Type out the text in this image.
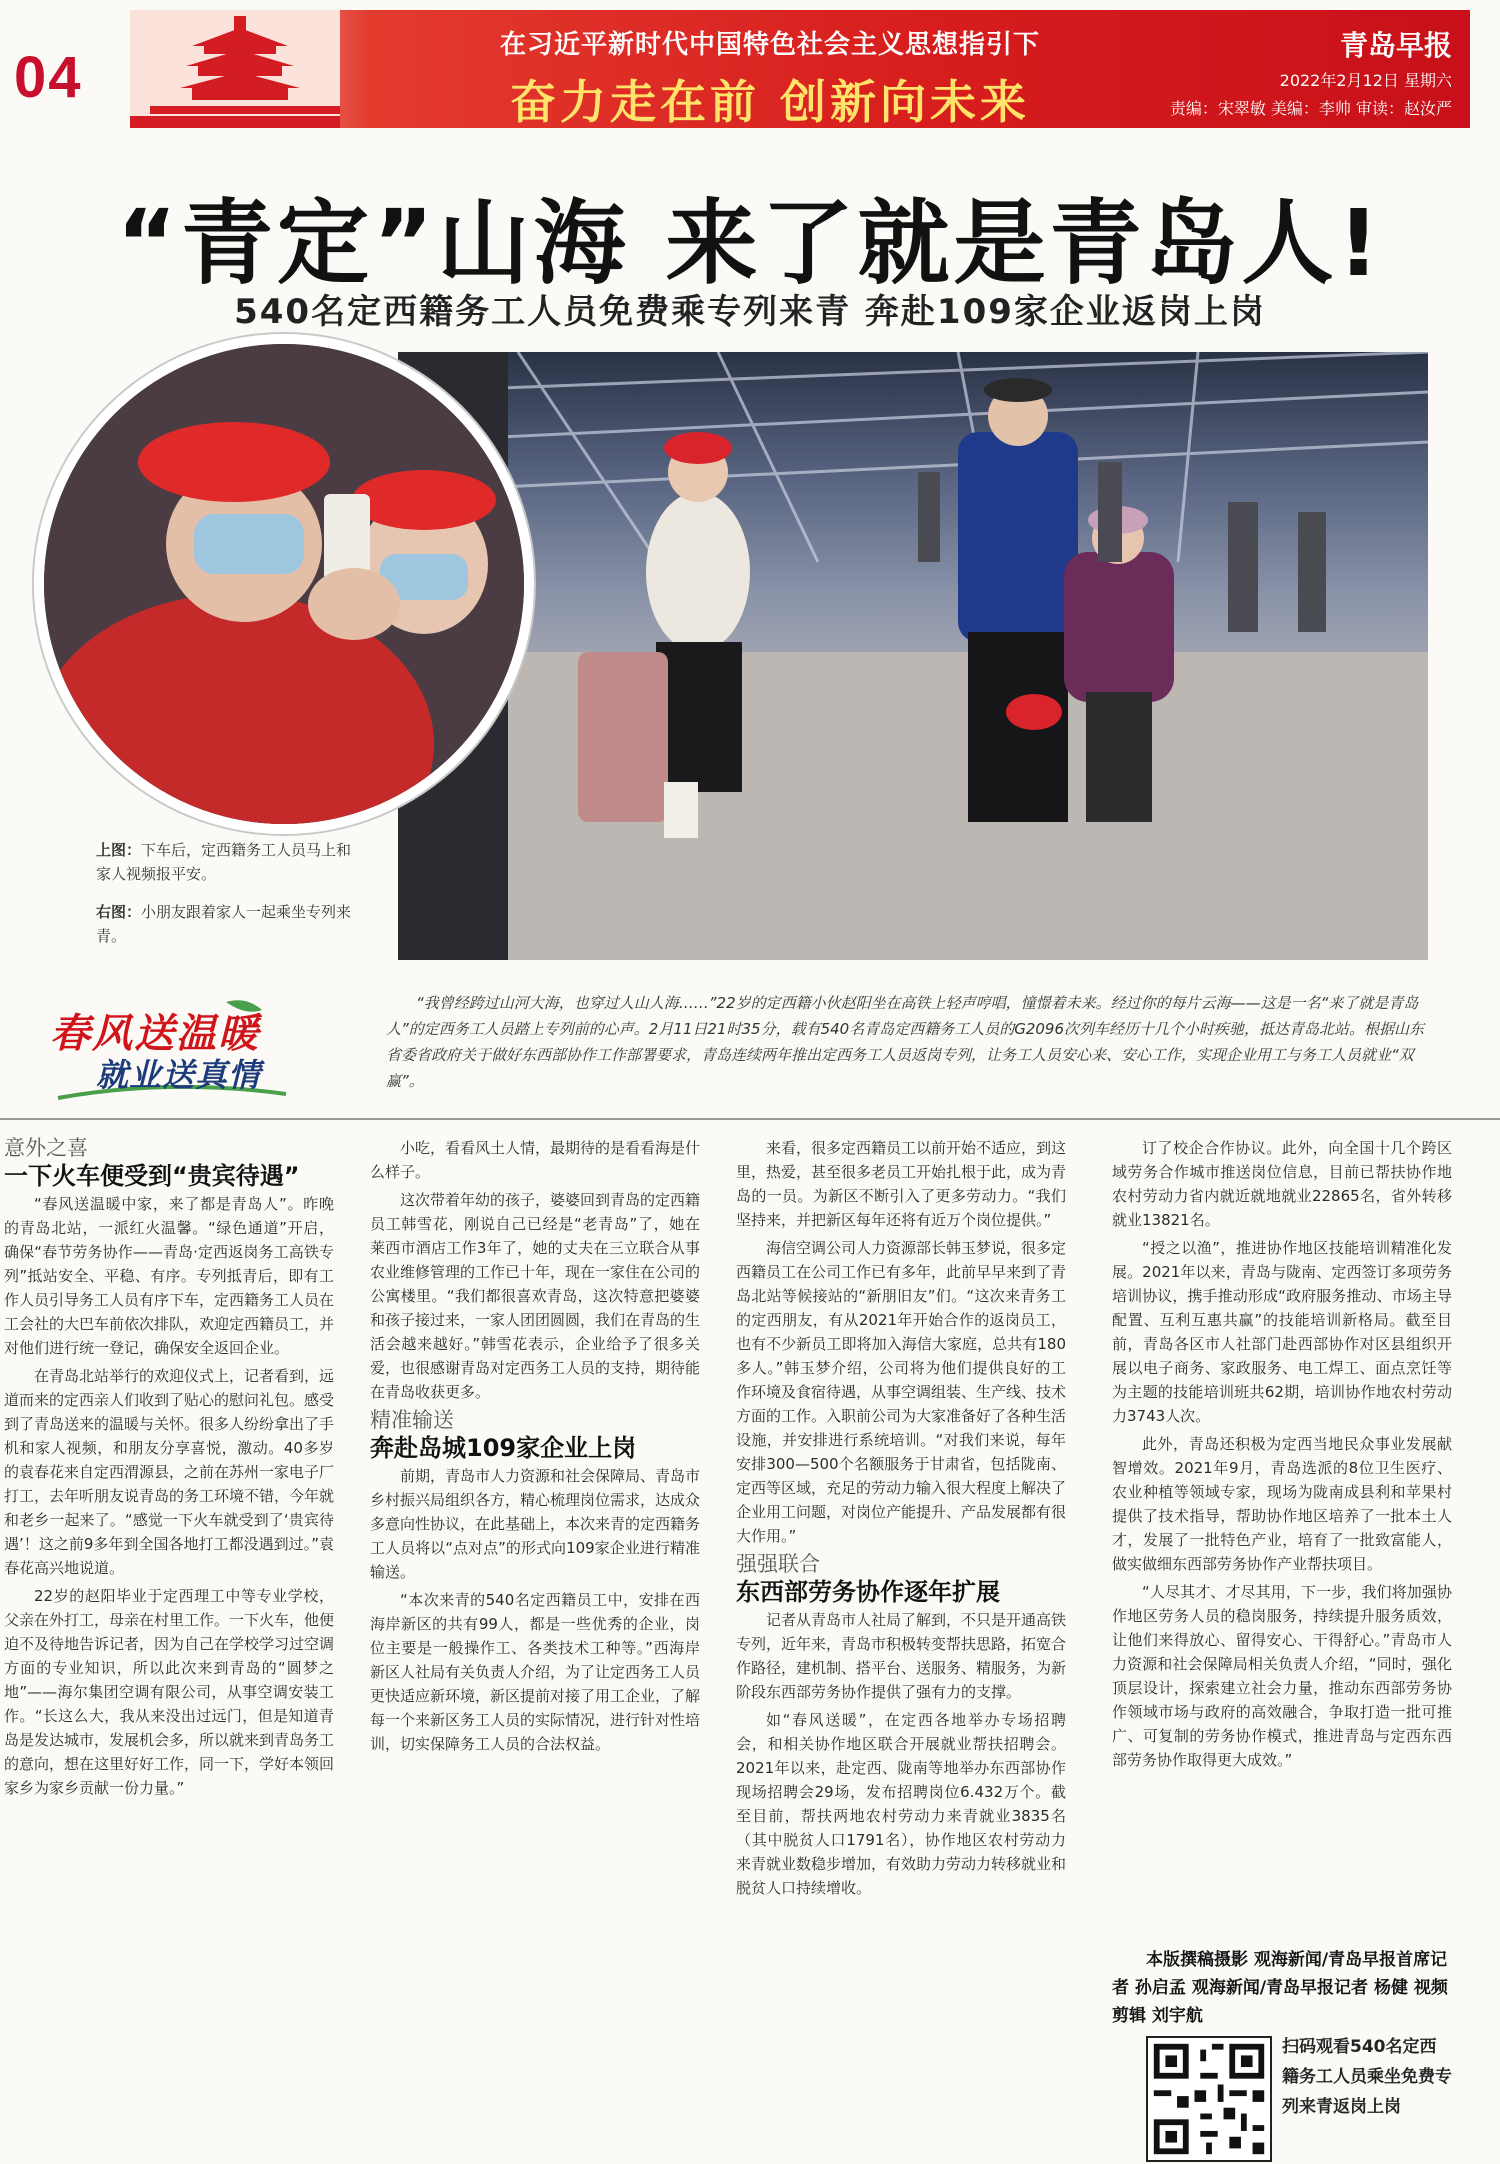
04	在习近平新时代中国特色社会主义思想指引下
奋力走在前 创新向未来
青岛早报
2022年2月12日 星期六
责编：宋翠敏 美编：李帅 审读：赵汝严
“青定”山海 来了就是青岛人!
540名定西籍务工人员免费乘专列来青 奔赴109家企业返岗上岗
上图：下车后，定西籍务工人员马上和家人视频报平安。
右图：小朋友跟着家人一起乘坐专列来青。
春风送温暖
就业送真情
“我曾经跨过山河大海，也穿过人山人海……”22岁的定西籍小伙赵阳坐在高铁上轻声哼唱，憧憬着未来。经过你的每片云海——这是一名“来了就是青岛人”的定西务工人员踏上专列前的心声。2月11日21时35分，载有540名青岛定西籍务工人员的G2096次列车经历十几个小时疾驰，抵达青岛北站。根据山东省委省政府关于做好东西部协作工作部署要求，青岛连续两年推出定西务工人员返岗专列，让务工人员安心来、安心工作，实现企业用工与务工人员就业“双赢”。

意外之喜

一下火车便受到“贵宾待遇”

“春风送温暖中家，来了都是青岛人”。昨晚的青岛北站，一派红火温馨。“绿色通道”开启，确保“春节劳务协作——青岛·定西返岗务工高铁专列”抵站安全、平稳、有序。专列抵青后，即有工作人员引导务工人员有序下车，定西籍务工人员在工会社的大巴车前依次排队，欢迎定西籍员工，并对他们进行统一登记，确保安全返回企业。

在青岛北站举行的欢迎仪式上，记者看到，远道而来的定西亲人们收到了贴心的慰问礼包。感受到了青岛送来的温暖与关怀。很多人纷纷拿出了手机和家人视频，和朋友分享喜悦，激动。40多岁的袁春花来自定西渭源县，之前在苏州一家电子厂打工，去年听朋友说青岛的务工环境不错，今年就和老乡一起来了。“感觉一下火车就受到了‘贵宾待遇’！这之前9多年到全国各地打工都没遇到过。”袁春花高兴地说道。

22岁的赵阳毕业于定西理工中等专业学校，父亲在外打工，母亲在村里工作。一下火车，他便迫不及待地告诉记者，因为自己在学校学习过空调方面的专业知识，所以此次来到青岛的“圆梦之地”——海尔集团空调有限公司，从事空调安装工作。“长这么大，我从来没出过远门，但是知道青岛是发达城市，发展机会多，所以就来到青岛务工的意向，想在这里好好工作，同一下，学好本领回家乡为家乡贡献一份力量。”

小吃，看看风土人情，最期待的是看看海是什么样子。

这次带着年幼的孩子，婆婆回到青岛的定西籍员工韩雪花，刚说自己已经是“老青岛”了，她在莱西市酒店工作3年了，她的丈夫在三立联合从事农业维修管理的工作已十年，现在一家住在公司的公寓楼里。“我们都很喜欢青岛，这次特意把婆婆和孩子接过来，一家人团团圆圆，我们在青岛的生活会越来越好。”韩雪花表示，企业给予了很多关爱，也很感谢青岛对定西务工人员的支持，期待能在青岛收获更多。

精准输送

奔赴岛城109家企业上岗

前期，青岛市人力资源和社会保障局、青岛市乡村振兴局组织各方，精心梳理岗位需求，达成众多意向性协议，在此基础上，本次来青的定西籍务工人员将以“点对点”的形式向109家企业进行精准输送。

“本次来青的540名定西籍员工中，安排在西海岸新区的共有99人，都是一些优秀的企业，岗位主要是一般操作工、各类技术工种等。”西海岸新区人社局有关负责人介绍，为了让定西务工人员更快适应新环境，新区提前对接了用工企业，了解每一个来新区务工人员的实际情况，进行针对性培训，切实保障务工人员的合法权益。

来看，很多定西籍员工以前开始不适应，到这里，热爱，甚至很多老员工开始扎根于此，成为青岛的一员。为新区不断引入了更多劳动力。“我们坚持来，并把新区每年还将有近万个岗位提供。”

海信空调公司人力资源部长韩玉梦说，很多定西籍员工在公司工作已有多年，此前早早来到了青岛北站等候接站的“新朋旧友”们。“这次来青务工的定西朋友，有从2021年开始合作的返岗员工，也有不少新员工即将加入海信大家庭，总共有180多人。”韩玉梦介绍，公司将为他们提供良好的工作环境及食宿待遇，从事空调组装、生产线、技术方面的工作。入职前公司为大家准备好了各种生活设施，并安排进行系统培训。“对我们来说，每年安排300—500个名额服务于甘肃省，包括陇南、定西等区域，充足的劳动力输入很大程度上解决了企业用工问题，对岗位产能提升、产品发展都有很大作用。”

强强联合

东西部劳务协作逐年扩展

记者从青岛市人社局了解到，不只是开通高铁专列，近年来，青岛市积极转变帮扶思路，拓宽合作路径，建机制、搭平台、送服务、精服务，为新阶段东西部劳务协作提供了强有力的支撑。

如“春风送暖”，在定西各地举办专场招聘会，和相关协作地区联合开展就业帮扶招聘会。2021年以来，赴定西、陇南等地举办东西部协作现场招聘会29场，发布招聘岗位6.432万个。截至目前，帮扶两地农村劳动力来青就业3835名（其中脱贫人口1791名），协作地区农村劳动力来青就业数稳步增加，有效助力劳动力转移就业和脱贫人口持续增收。

订了校企合作协议。此外，向全国十几个跨区域劳务合作城市推送岗位信息，目前已帮扶协作地农村劳动力省内就近就地就业22865名，省外转移就业13821名。

“授之以渔”，推进协作地区技能培训精准化发展。2021年以来，青岛与陇南、定西签订多项劳务培训协议，携手推动形成“政府服务推动、市场主导配置、互利互惠共赢”的技能培训新格局。截至目前，青岛各区市人社部门赴西部协作对区县组织开展以电子商务、家政服务、电工焊工、面点烹饪等为主题的技能培训班共62期，培训协作地农村劳动力3743人次。

此外，青岛还积极为定西当地民众事业发展献智增效。2021年9月，青岛选派的8位卫生医疗、农业种植等领域专家，现场为陇南成县利和苹果村提供了技术指导，帮助协作地区培养了一批本土人才，发展了一批特色产业，培育了一批致富能人，做实做细东西部劳务协作产业帮扶项目。

“人尽其才、才尽其用，下一步，我们将加强协作地区劳务人员的稳岗服务，持续提升服务质效，让他们来得放心、留得安心、干得舒心。”青岛市人力资源和社会保障局相关负责人介绍，“同时，强化顶层设计，探索建立社会力量，推动东西部劳务协作领域市场与政府的高效融合，争取打造一批可推广、可复制的劳务协作模式，推进青岛与定西东西部劳务协作取得更大成效。”

本版撰稿摄影 观海新闻/青岛早报首席记者 孙启孟 观海新闻/青岛早报记者 杨健 视频剪辑 刘宇航
扫码观看540名定西籍务工人员乘坐免费专列来青返岗上岗
